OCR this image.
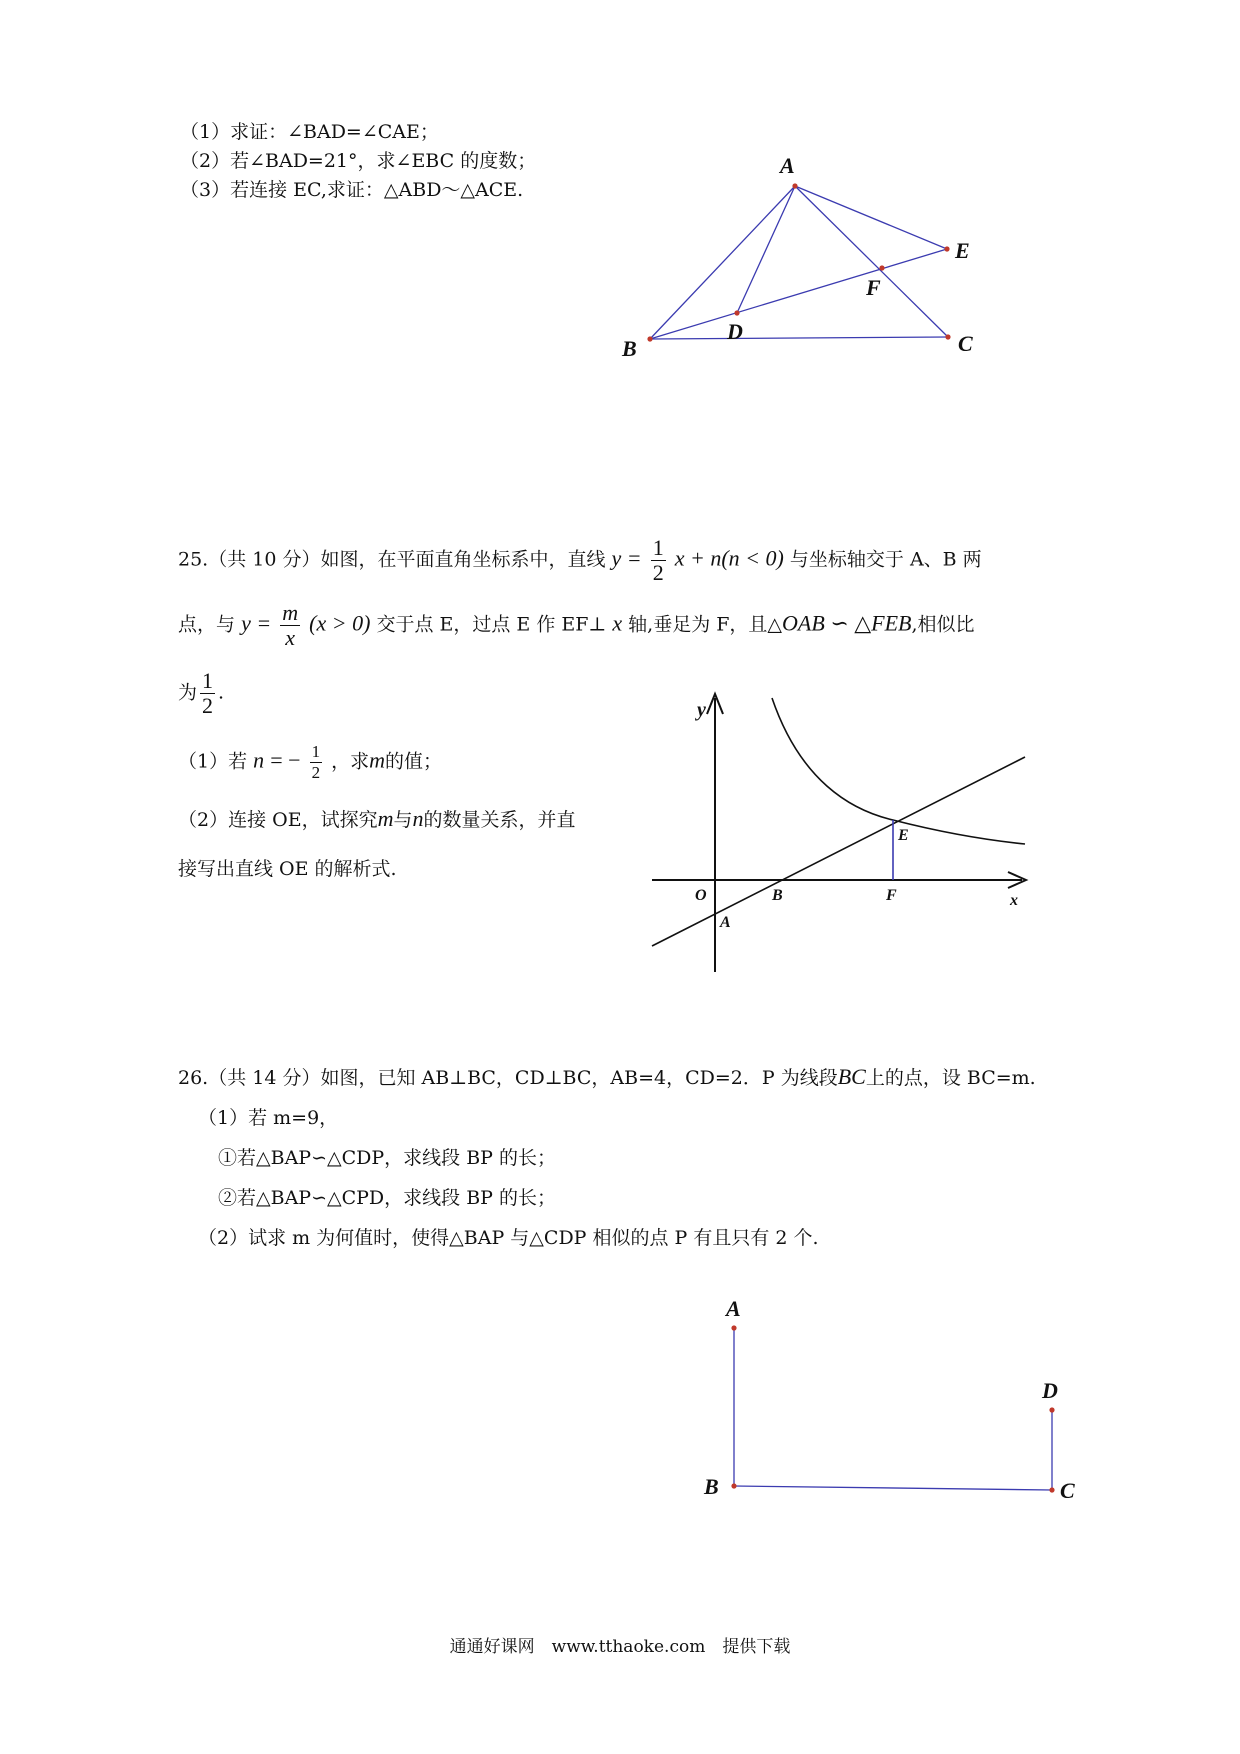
（1）求证：∠BAD=∠CAE；
（2）若∠BAD=21°，求∠EBC 的度数；
（3）若连接 EC,求证：△ABD～△ACE.
A
B	C
D
E
F
25.（共 10 分）如图，在平面直角坐标系中，直线 $y = \frac{1}{2}$ x + n(n < 0) 与坐标轴交于 A、B 两
点，与 $y = \frac{m}{x} (x > 0)$ 交于点 E，过点 E 作 EF⊥ x 轴,垂足为 F，且△OAB ∽ △FEB,相似比
为 $\frac{1}{2}$ .
（1）若 n = − $\frac{1}{2}$ ，求m的值；
（2）连接 OE，试探究m与n的数量关系，并直
接写出直线 OE 的解析式.
y
x
O
A
B
E
F
26.（共 14 分）如图，已知 AB⊥BC，CD⊥BC，AB=4，CD=2．P 为线段BC上的点，设 BC=m.
（1）若 m=9，
①若△BAP∽△CDP，求线段 BP 的长；
②若△BAP∽△CPD，求线段 BP 的长；
（2）试求 m 为何值时，使得△BAP 与△CDP 相似的点 P 有且只有 2 个.
A
B	C
D
通通好课网　www.tthaoke.com　提供下载
